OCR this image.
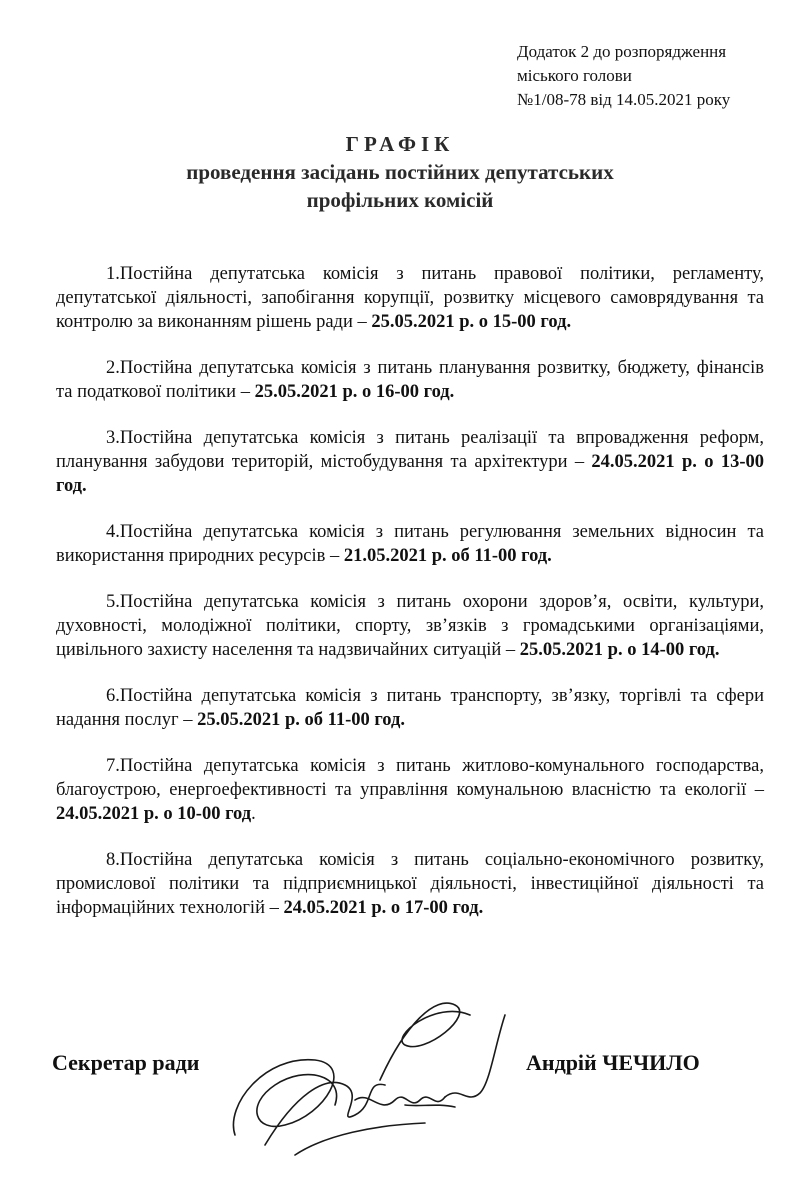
Додаток 2 до розпорядження
міського голови
№1/08-78 від 14.05.2021 року
ГРАФІК
проведення засідань постійних депутатських
профільних комісій

1.Постійна депутатська комісія з питань правової політики, регламенту, депутатської діяльності, запобігання корупції, розвитку місцевого самоврядування та контролю за виконанням рішень ради – 25.05.2021 р. о 15-00 год.

2.Постійна депутатська комісія з питань планування розвитку, бюджету, фінансів та податкової політики – 25.05.2021 р. о 16-00 год.

3.Постійна депутатська комісія з питань реалізації та впровадження реформ, планування забудови територій, містобудування та архітектури – 24.05.2021 р. о 13-00 год.

4.Постійна депутатська комісія з питань регулювання земельних відносин та використання природних ресурсів – 21.05.2021 р. об 11-00 год.

5.Постійна депутатська комісія з питань охорони здоров’я, освіти, культури, духовності, молодіжної політики, спорту, зв’язків з громадськими організаціями, цивільного захисту населення та надзвичайних ситуацій – 25.05.2021 р. о 14-00 год.

6.Постійна депутатська комісія з питань транспорту, зв’язку, торгівлі та сфери надання послуг – 25.05.2021 р. об 11-00 год.

7.Постійна депутатська комісія з питань житлово-комунального господарства, благоустрою, енергоефективності та управління комунальною власністю та екології – 24.05.2021 р. о 10-00 год.

8.Постійна депутатська комісія з питань соціально-економічного розвитку, промислової політики та підприємницької діяльності, інвестиційної діяльності та інформаційних технологій – 24.05.2021 р. о 17-00 год.

Секретар ради	Андрій ЧЕЧИЛО
